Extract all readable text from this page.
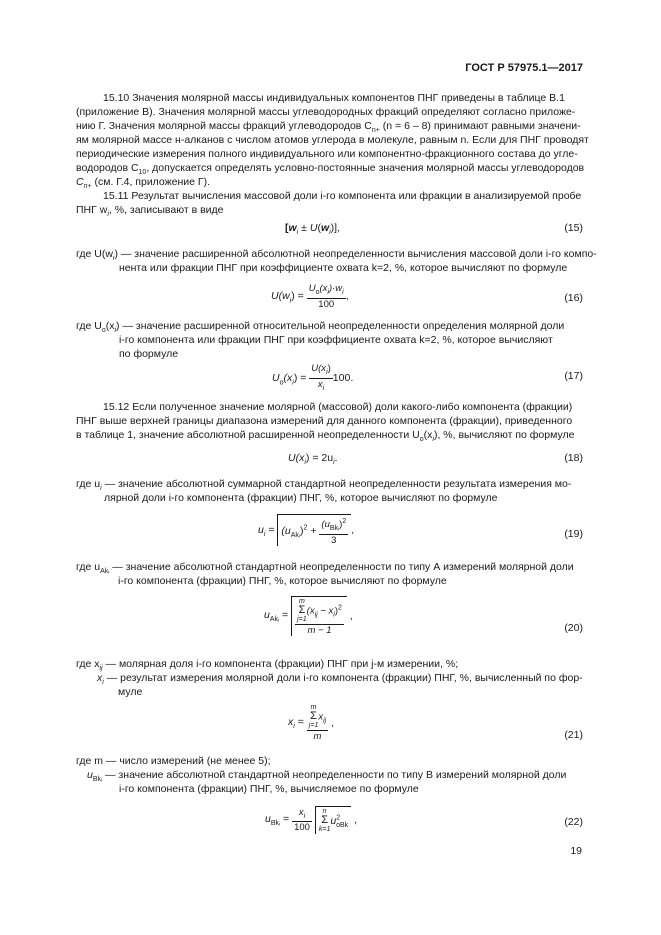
ГОСТ Р 57975.1—2017
15.10 Значения молярной массы индивидуальных компонентов ПНГ приведены в таблице В.1
(приложение В). Значения молярной массы углеводородных фракций определяют согласно приложе-
нию Г. Значения молярной массы фракций углеводородов $C_{n+}$ (n = 6 – 8) принимают равными значени-
ям молярной массе н-алканов с числом атомов углерода в молекуле, равным n. Если для ПНГ проводят
периодические измерения полного индивидуального или компонентно-фракционного состава до угле-
водородов $C_{10}$, допускается определять условно-постоянные значения молярной массы углеводородов
$C_{n+}$ (см. Г.4, приложение Г).
15.11 Результат вычисления массовой доли i-го компонента или фракции в анализируемой пробе
ПНГ $w_i$, %, записывают в виде
$[w_i \pm U(w_i)]$,	(15)
где $U(w_i)$ — значение расширенной абсолютной неопределенности вычисления массовой доли i-го компо-
нента или фракции ПНГ при коэффициенте охвата k=2, %, которое вычисляют по формуле
$U(w_i) = \frac{U_o(x_i)\cdot w_i}{100}$ ,	(16)
где $U_o(x_i)$ — значение расширенной относительной неопределенности определения молярной доли
i-го компонента или фракции ПНГ при коэффициенте охвата k=2, %, которое вычисляют
по формуле
$U_o(x_i) = \frac{U(x_i)}{x_i} 100$.	(17)
15.12 Если полученное значение молярной (массовой) доли какого-либо компонента (фракции)
ПНГ выше верхней границы диапазона измерений для данного компонента (фракции), приведенного
в таблице 1, значение абсолютной расширенной неопределенности $U_o(x_i)$, %, вычисляют по формуле
$U(x_i) = 2u_i$.	(18)
где $u_i$ — значение абсолютной суммарной стандартной неопределенности результата измерения мо-
лярной доли i-го компонента (фракции) ПНГ, %, которое вычисляют по формуле
$u_i = (u_{Akᵢ})^2 + \frac{(u_{Bkᵢ})^2}{3}$ ,	(19)
где $u_{Akᵢ}$ — значение абсолютной стандартной неопределенности по типу А измерений молярной доли
i-го компонента (фракции) ПНГ, %, которое вычисляют по формуле
$u_{Akᵢ}$ =
m
Σ
$j=1(x_{ij} - x_i)^2$
m − 1
,
(20)
где $x_{ij}$ — молярная доля i-го компонента (фракции) ПНГ при j-м измерении, %;
$x_i$ — результат измерения молярной доли i-го компонента (фракции) ПНГ, %, вычисленный по фор-
муле
$x_i$ =
m
Σ
$j=1x_{ij}$
m
,
(21)
где m — число измерений (не менее 5);
$u_{Bkᵢ}$ — значение абсолютной стандартной неопределенности по типу В измерений молярной доли
i-го компонента (фракции) ПНГ, %, вычисляемое по формуле
$u_{Bkᵢ} = \frac{x_i}{100}$ n
Σ
$k=1u^2_{oBk}$ ,	(22)
19
